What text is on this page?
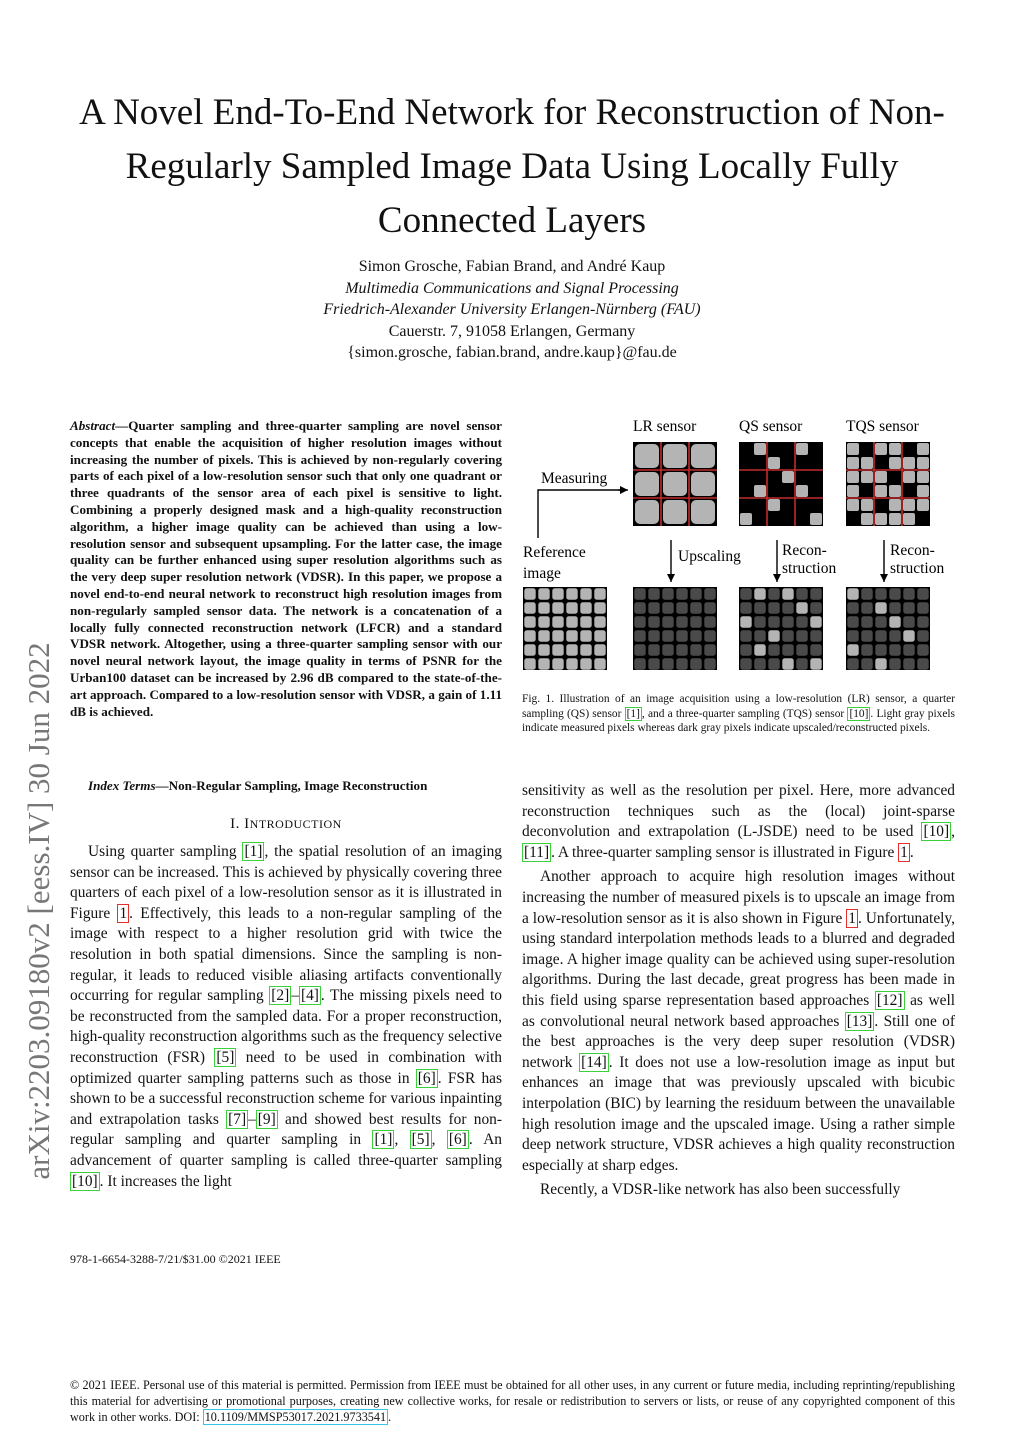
A Novel End-To-End Network for Reconstruction of Non-Regularly Sampled Image Data Using Locally Fully Connected Layers
Simon Grosche, Fabian Brand, and André Kaup
Multimedia Communications and Signal Processing
Friedrich-Alexander University Erlangen-Nürnberg (FAU)
Cauerstr. 7, 91058 Erlangen, Germany
{simon.grosche, fabian.brand, andre.kaup}@fau.de
arXiv:2203.09180v2 [eess.IV] 30 Jun 2022

Abstract—Quarter sampling and three-quarter sampling are novel sensor concepts that enable the acquisition of higher resolution images without increasing the number of pixels. This is achieved by non-regularly covering parts of each pixel of a low-resolution sensor such that only one quadrant or three quadrants of the sensor area of each pixel is sensitive to light. Combining a properly designed mask and a high-quality reconstruction algorithm, a higher image quality can be achieved than using a low-resolution sensor and subsequent upsampling. For the latter case, the image quality can be further enhanced using super resolution algorithms such as the very deep super resolution network (VDSR). In this paper, we propose a novel end-to-end neural network to reconstruct high resolution images from non-regularly sampled sensor data. The network is a concatenation of a locally fully connected reconstruction network (LFCR) and a standard VDSR network. Altogether, using a three-quarter sampling sensor with our novel neural network layout, the image quality in terms of PSNR for the Urban100 dataset can be increased by 2.96 dB compared to the state-of-the-art approach. Compared to a low-resolution sensor with VDSR, a gain of 1.11 dB is achieved.

Index Terms—Non-Regular Sampling, Image Reconstruction

I. INTRODUCTION

Using quarter sampling [1] , the spatial resolution of an imaging sensor can be increased. This is achieved by physically covering three quarters of each pixel of a low-resolution sensor as it is illustrated in Figure 1 . Effectively, this leads to a non-regular sampling of the image with respect to a higher resolution grid with twice the resolution in both spatial dimensions. Since the sampling is non-regular, it leads to reduced visible aliasing artifacts conventionally occurring for regular sampling [2] – [4] . The missing pixels need to be reconstructed from the sampled data. For a proper reconstruction, high-quality reconstruction algorithms such as the frequency selective reconstruction (FSR) [5] need to be used in combination with optimized quarter sampling patterns such as those in [6] . FSR has shown to be a successful reconstruction scheme for various inpainting and extrapolation tasks [7] – [9] and showed best results for non-regular sampling and quarter sampling in [1] , [5] , [6] . An advancement of quarter sampling is called three-quarter sampling [10] . It increases the light

LR sensor	QS sensor	TQS sensor
Measuring
Reference
image
Upscaling	Recon-
struction
Recon-
struction
Fig. 1. Illustration of an image acquisition using a low-resolution (LR) sensor, a quarter sampling (QS) sensor [1] , and a three-quarter sampling (TQS) sensor [10] . Light gray pixels indicate measured pixels whereas dark gray pixels indicate upscaled/reconstructed pixels.

sensitivity as well as the resolution per pixel. Here, more advanced reconstruction techniques such as the (local) joint-sparse deconvolution and extrapolation (L-JSDE) need to be used [10] , [11] . A three-quarter sampling sensor is illustrated in Figure 1 .

Another approach to acquire high resolution images without increasing the number of measured pixels is to upscale an image from a low-resolution sensor as it is also shown in Figure 1 . Unfortunately, using standard interpolation methods leads to a blurred and degraded image. A higher image quality can be achieved using super-resolution algorithms. During the last decade, great progress has been made in this field using sparse representation based approaches [12] as well as convolutional neural network based approaches [13] . Still one of the best approaches is the very deep super resolution (VDSR) network [14] . It does not use a low-resolution image as input but enhances an image that was previously upscaled with bicubic interpolation (BIC) by learning the residuum between the unavailable high resolution image and the upscaled image. Using a rather simple deep network structure, VDSR achieves a high quality reconstruction especially at sharp edges.

Recently, a VDSR-like network has also been successfully

978-1-6654-3288-7/21/$31.00 ©2021 IEEE
© 2021 IEEE. Personal use of this material is permitted. Permission from IEEE must be obtained for all other uses, in any current or future media, including reprinting/republishing this material for advertising or promotional purposes, creating new collective works, for resale or redistribution to servers or lists, or reuse of any copyrighted component of this work in other works. DOI: 10.1109/MMSP53017.2021.9733541 .
